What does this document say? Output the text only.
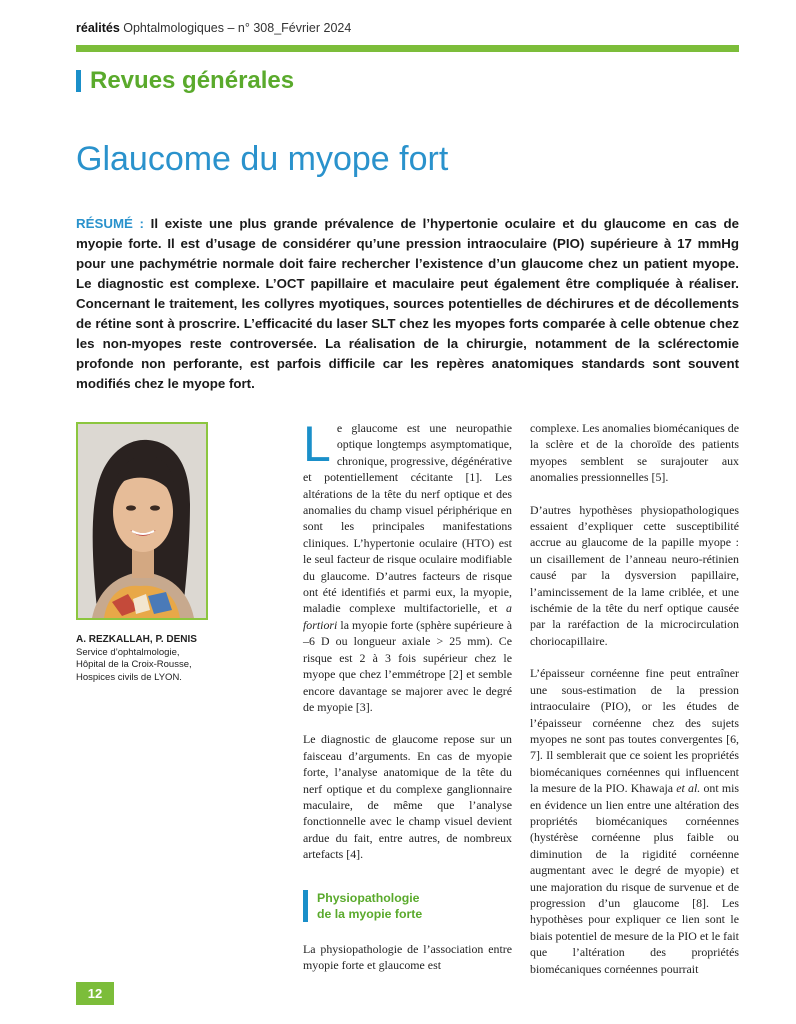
réalités Ophtalmologiques – n° 308_Février 2024
Revues générales
Glaucome du myope fort
RÉSUMÉ : Il existe une plus grande prévalence de l’hypertonie oculaire et du glaucome en cas de myopie forte. Il est d’usage de considérer qu’une pression intraoculaire (PIO) supérieure à 17 mmHg pour une pachymétrie normale doit faire rechercher l’existence d’un glaucome chez un patient myope. Le diagnostic est complexe. L’OCT papillaire et maculaire peut également être compliquée à réaliser. Concernant le traitement, les collyres myotiques, sources potentielles de déchirures et de décollements de rétine sont à proscrire. L’efficacité du laser SLT chez les myopes forts comparée à celle obtenue chez les non-myopes reste controversée. La réalisation de la chirurgie, notamment de la sclérectomie profonde non perforante, est parfois difficile car les repères anatomiques standards sont souvent modifiés chez le myope fort.
A. REZKALLAH, P. DENIS
Service d’ophtalmologie,
Hôpital de la Croix-Rousse,
Hospices civils de LYON.

Le glaucome est une neuropathie optique longtemps asymptomatique, chronique, progressive, dégénérative et potentiellement cécitante [1]. Les altérations de la tête du nerf optique et des anomalies du champ visuel périphérique en sont les principales manifestations cliniques. L’hypertonie oculaire (HTO) est le seul facteur de risque oculaire modifiable du glaucome. D’autres facteurs de risque ont été identifiés et parmi eux, la myopie, maladie complexe multifactorielle, et a fortiori la myopie forte (sphère supérieure à –6 D ou longueur axiale > 25 mm). Ce risque est 2 à 3 fois supérieur chez le myope que chez l’emmétrope [2] et semble encore davantage se majorer avec le degré de myopie [3].

Le diagnostic de glaucome repose sur un faisceau d’arguments. En cas de myopie forte, l’analyse anatomique de la tête du nerf optique et du complexe ganglionnaire maculaire, de même que l’analyse fonctionnelle avec le champ visuel devient ardue du fait, entre autres, de nombreux artefacts [4].

Physiopathologie
de la myopie forte

La physiopathologie de l’association entre myopie forte et glaucome est

complexe. Les anomalies biomécaniques de la sclère et de la choroïde des patients myopes semblent se surajouter aux anomalies pressionnelles [5].

D’autres hypothèses physiopathologiques essaient d’expliquer cette susceptibilité accrue au glaucome de la papille myope : un cisaillement de l’anneau neuro-rétinien causé par la dysversion papillaire, l’amincissement de la lame criblée, et une ischémie de la tête du nerf optique causée par la raréfaction de la microcirculation choriocapillaire.

L’épaisseur cornéenne fine peut entraîner une sous-estimation de la pression intraoculaire (PIO), or les études de l’épaisseur cornéenne chez des sujets myopes ne sont pas toutes convergentes [6, 7]. Il semblerait que ce soient les propriétés biomécaniques cornéennes qui influencent la mesure de la PIO. Khawaja et al. ont mis en évidence un lien entre une altération des propriétés biomécaniques cornéennes (hystérèse cornéenne plus faible ou diminution de la rigidité cornéenne augmentant avec le degré de myopie) et une majoration du risque de survenue et de progression d’un glaucome [8]. Les hypothèses pour expliquer ce lien sont le biais potentiel de mesure de la PIO et le fait que l’altération des propriétés biomécaniques cornéennes pourrait

12
